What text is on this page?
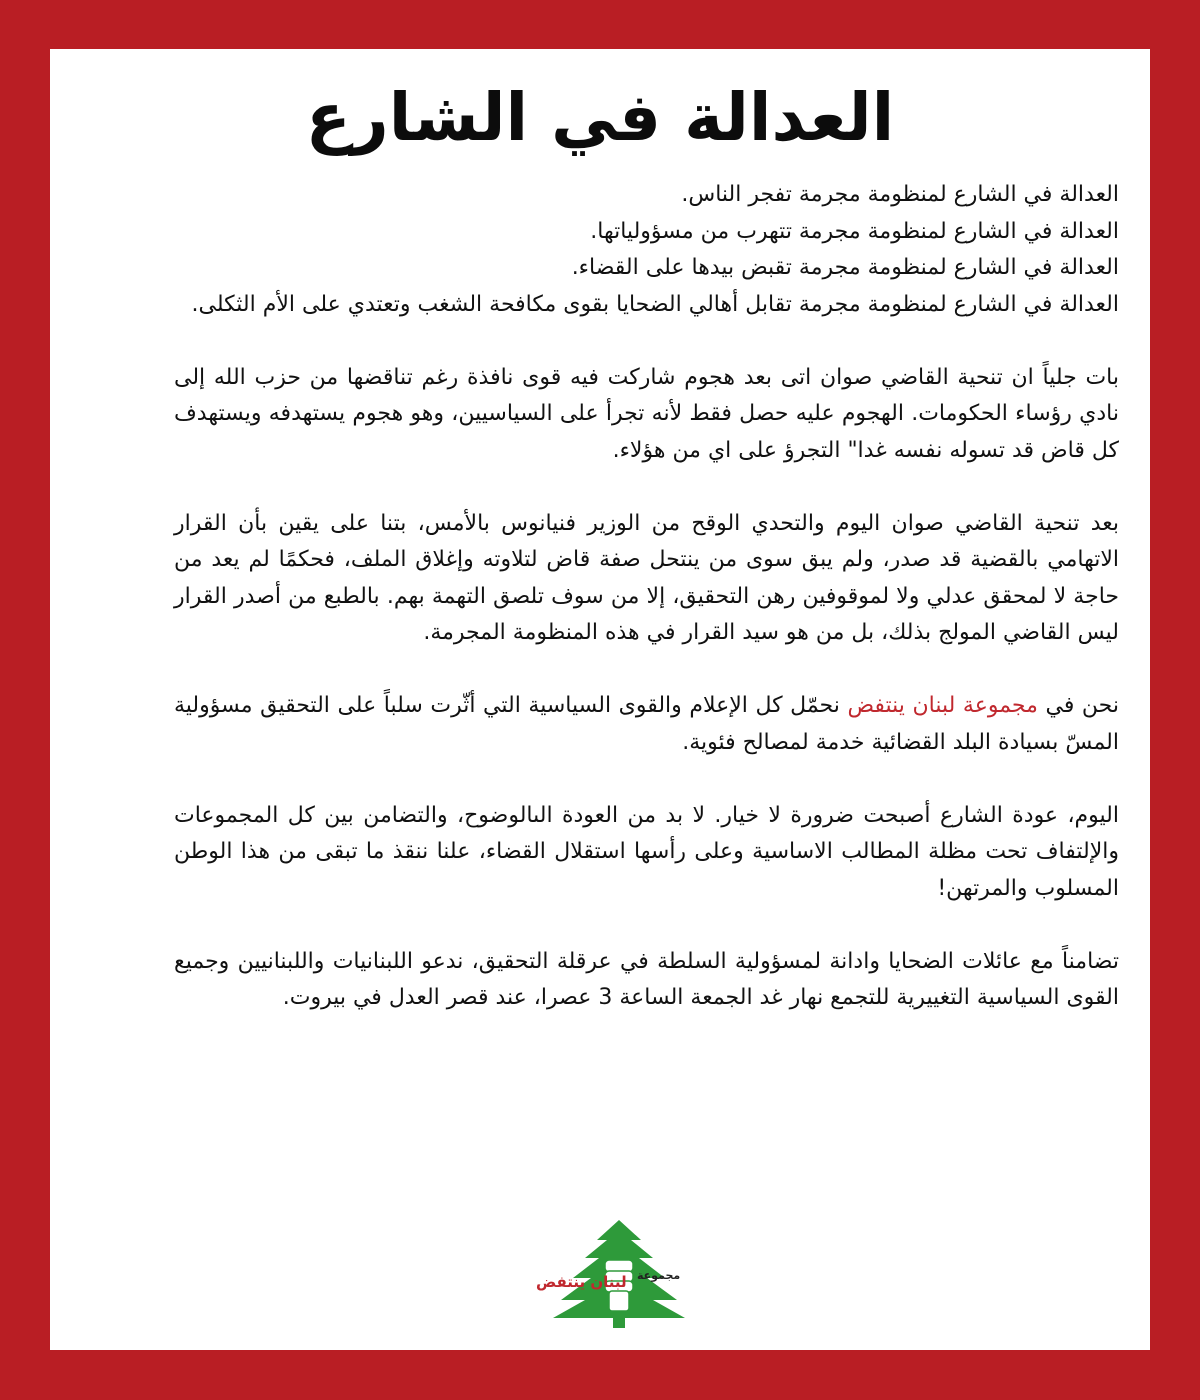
العدالة في الشارع

العدالة في الشارع لمنظومة مجرمة تفجر الناس.
العدالة في الشارع لمنظومة مجرمة تتهرب من مسؤولياتها.
العدالة في الشارع لمنظومة مجرمة تقبض بيدها على القضاء.
العدالة في الشارع لمنظومة مجرمة تقابل أهالي الضحايا بقوى مكافحة الشغب وتعتدي على الأم الثكلى.

بات جلياً ان تنحية القاضي صوان اتى بعد هجوم شاركت فيه قوى نافذة رغم تناقضها من حزب الله إلى نادي رؤساء الحكومات. الهجوم عليه حصل فقط لأنه تجرأ على السياسيين، وهو هجوم يستهدفه ويستهدف كل قاض قد تسوله نفسه غدا" التجرؤ على اي من هؤلاء.

بعد تنحية القاضي صوان اليوم والتحدي الوقح من الوزير فنيانوس بالأمس، بتنا على يقين بأن القرار الاتهامي بالقضية قد صدر، ولم يبق سوى من ينتحل صفة قاض لتلاوته وإغلاق الملف، فحكمًا لم يعد من حاجة لا لمحقق عدلي ولا لموقوفين رهن التحقيق، إلا من سوف تلصق التهمة بهم. بالطبع من أصدر القرار ليس القاضي المولج بذلك، بل من هو سيد القرار في هذه المنظومة المجرمة.

نحن في مجموعة لبنان ينتفض نحمّل كل الإعلام والقوى السياسية التي أثّرت سلباً على التحقيق مسؤولية المسّ بسيادة البلد القضائية خدمة لمصالح فئوية.

اليوم، عودة الشارع أصبحت ضرورة لا خيار. لا بد من العودة الىالوضوح، والتضامن بين كل المجموعات والإلتفاف تحت مظلة المطالب الاساسية وعلى رأسها استقلال القضاء، علنا ننقذ ما تبقى من هذا الوطن المسلوب والمرتهن!

تضامناً مع عائلات الضحايا وادانة لمسؤولية السلطة في عرقلة التحقيق، ندعو اللبنانيات واللبنانيين وجميع القوى السياسية التغييرية للتجمع نهار غد الجمعة الساعة 3 عصرا، عند قصر العدل في بيروت.

مجموعة
لبنان ينتفض
